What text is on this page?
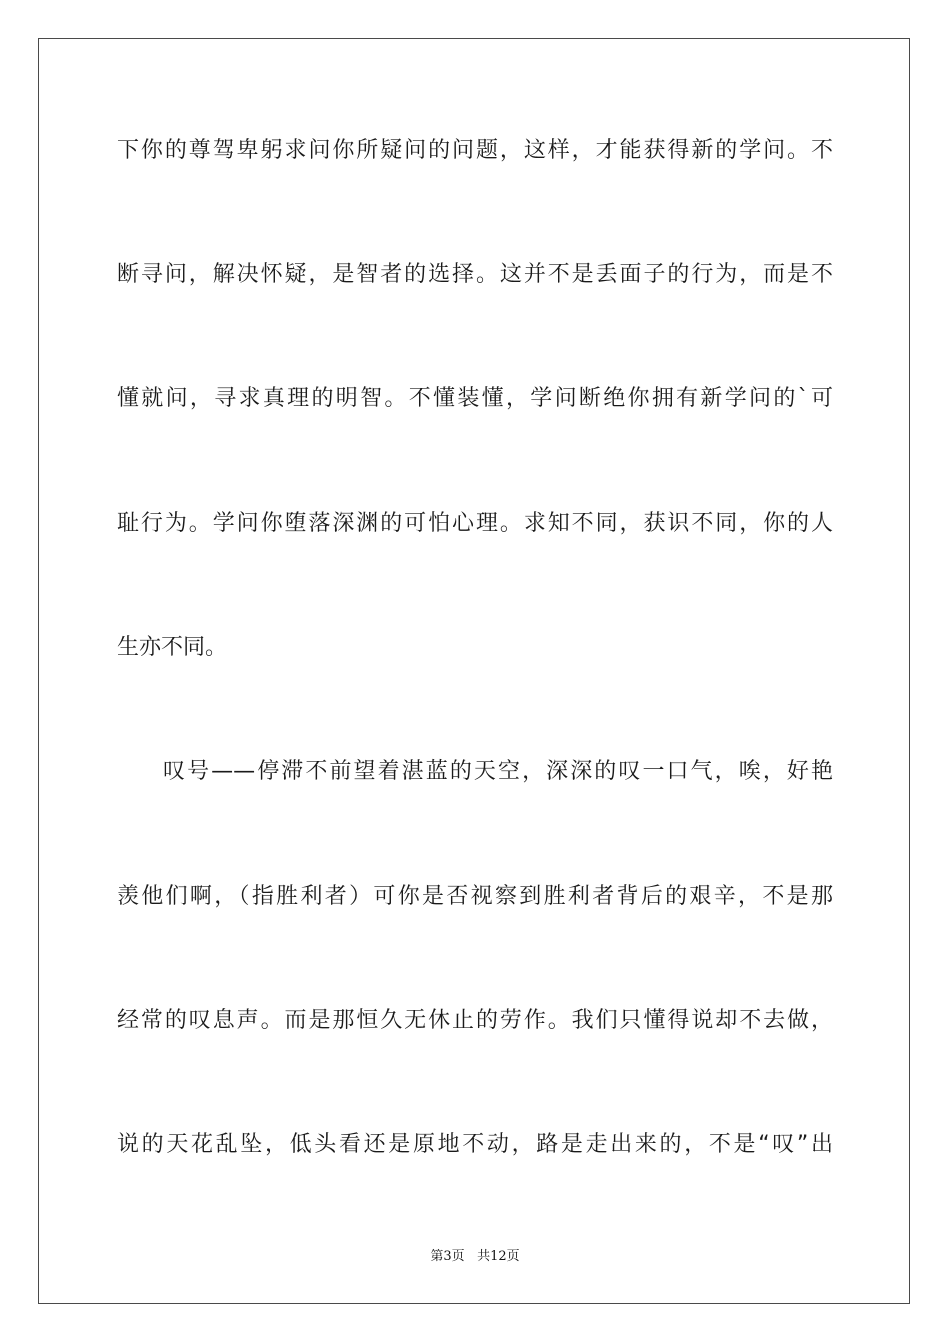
下你的尊驾卑躬求问你所疑问的问题，这样，才能获得新的学问。不
断寻问，解决怀疑，是智者的选择。这并不是丢面子的行为，而是不
懂就问，寻求真理的明智。不懂装懂，学问断绝你拥有新学问的`可
耻行为。学问你堕落深渊的可怕心理。求知不同，获识不同，你的人
生亦不同。
叹号——停滞不前望着湛蓝的天空，深深的叹一口气，唉，好艳
羡他们啊，（指胜利者）可你是否视察到胜利者背后的艰辛，不是那
经常的叹息声。而是那恒久无休止的劳作。我们只懂得说却不去做，
说的天花乱坠，低头看还是原地不动，路是走出来的，不是“叹”出
第3页 共12页
